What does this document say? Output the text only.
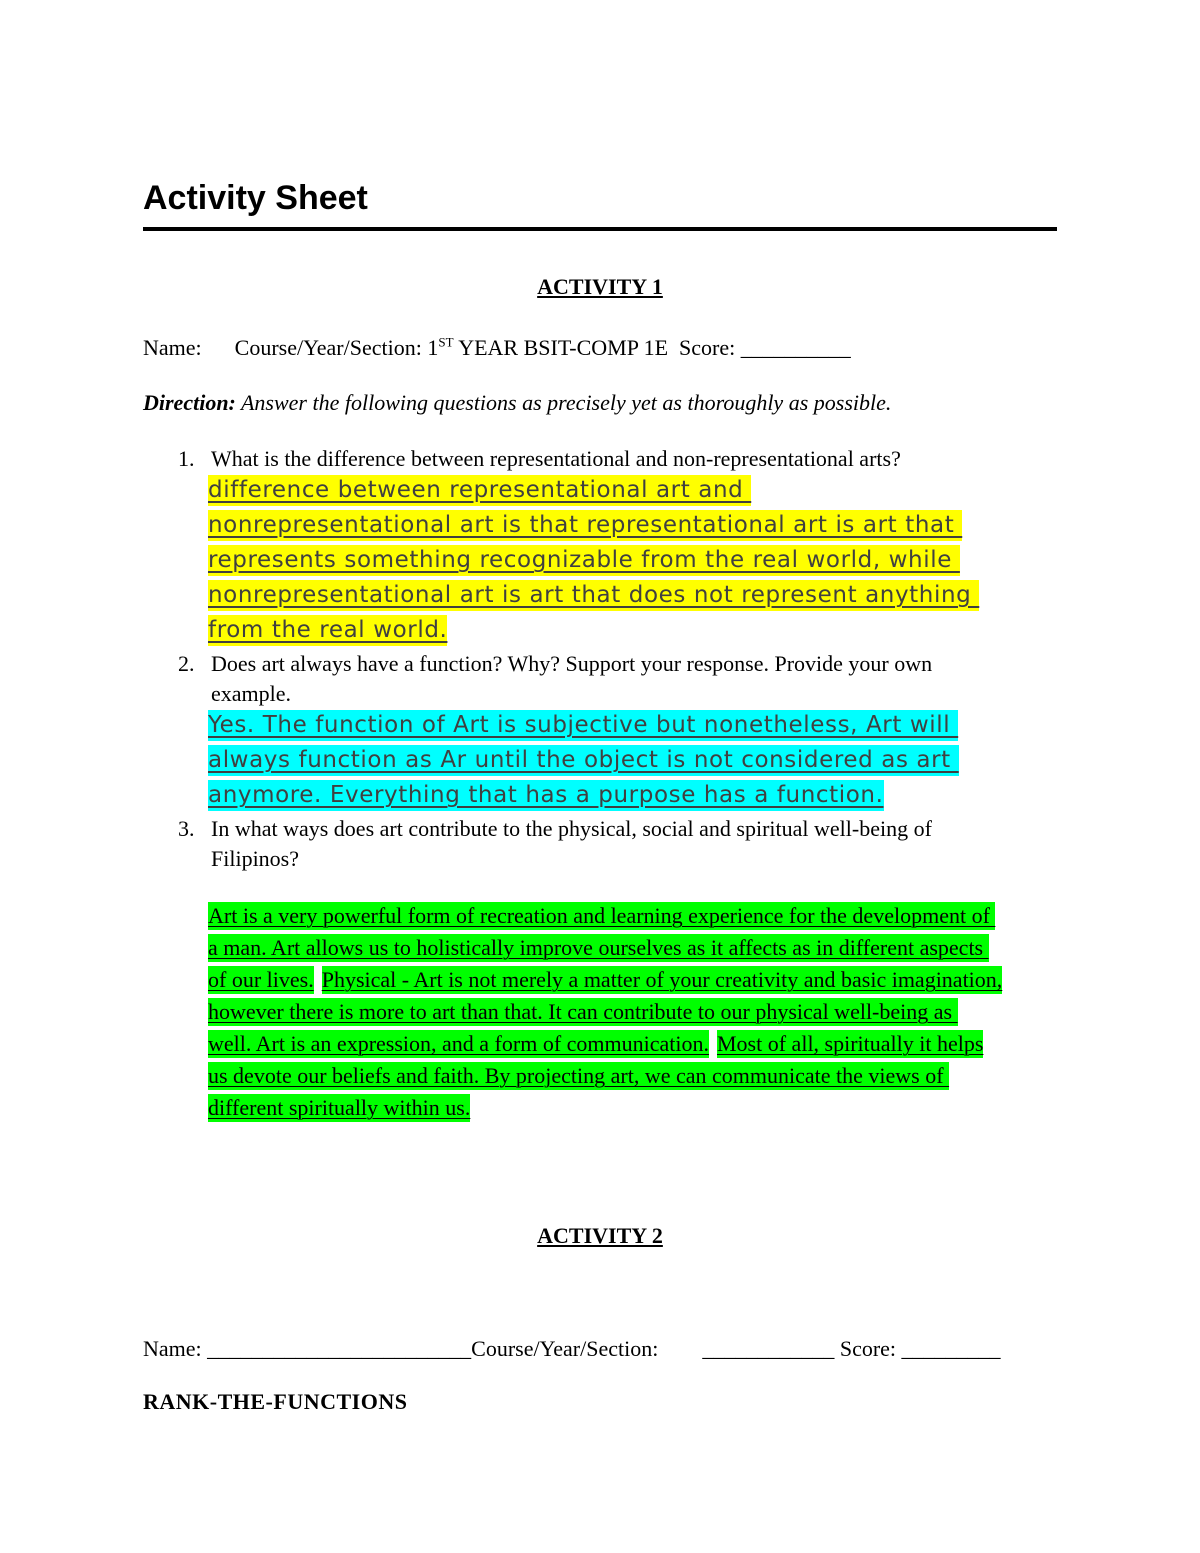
Activity Sheet
ACTIVITY 1

Name:      Course/Year/Section: 1ST YEAR BSIT-COMP 1E  Score: __________

Direction: Answer the following questions as precisely yet as thoroughly as possible.

1. What is the difference between representational and non-representational arts?
difference between representational art and
nonrepresentational art is that representational art is art that
represents something recognizable from the real world, while
nonrepresentational art is art that does not represent anything
from the real world.
2. Does art always have a function? Why? Support your response. Provide your own
example.
Yes. The function of Art is subjective but nonetheless, Art will
always function as Ar until the object is not considered as art
anymore. Everything that has a purpose has a function.
3. In what ways does art contribute to the physical, social and spiritual well-being of
Filipinos?
Art is a very powerful form of recreation and learning experience for the development of
a man. Art allows us to holistically improve ourselves as it affects as in different aspects
of our lives. Physical - Art is not merely a matter of your creativity and basic imagination,
however there is more to art than that. It can contribute to our physical well-being as
well. Art is an expression, and a form of communication. Most of all, spiritually it helps
us devote our beliefs and faith. By projecting art, we can communicate the views of
different spiritually within us.
ACTIVITY 2

Name: ________________________Course/Year/Section:        ____________ Score: _________

RANK-THE-FUNCTIONS
